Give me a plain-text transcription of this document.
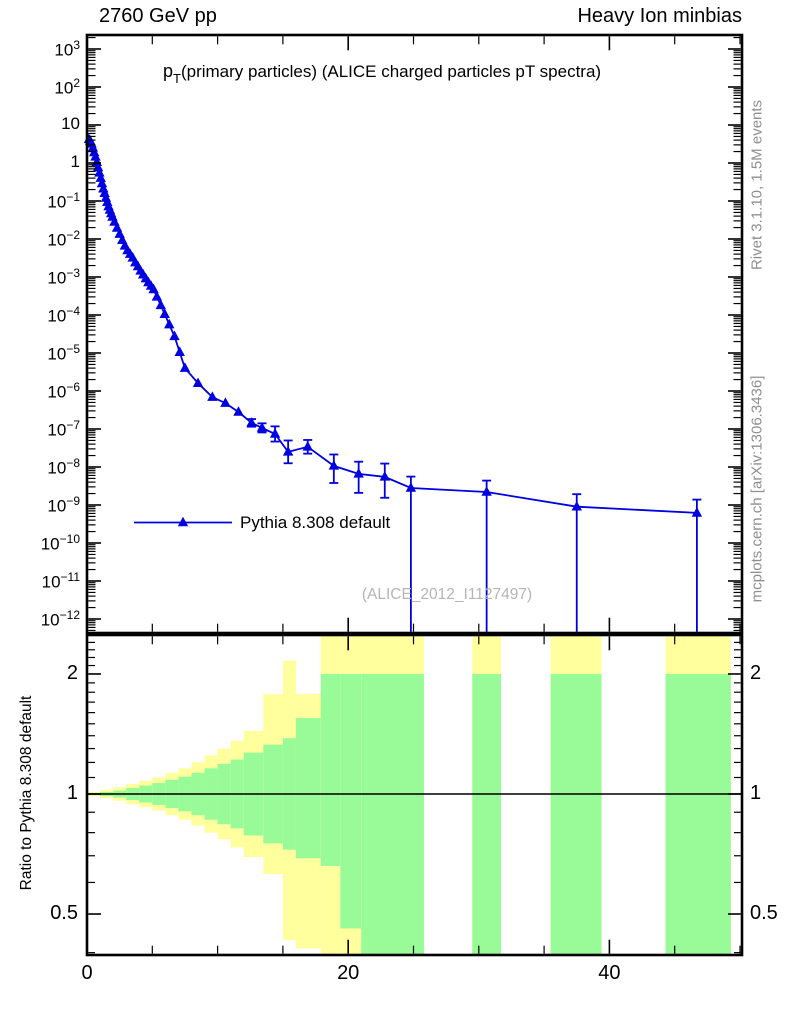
2760 GeV pp	Heavy Ion minbias
$p_T(primary$ particles) (ALICE charged particles pT spectra)
Pythia 8.308 default
(ALICE_2012_I1127497)
Rivet 3.1.10, 1.5M events
mcplots.cern.ch [arXiv:1306.3436]
Ratio to Pythia 8.308 default
$10^3$
$10^2$
10
1
$10^{-1}$
$10^{-2}$
$10^{-3}$
$10^{-4}$
$10^{-5}$
$10^{-6}$
$10^{-7}$
$10^{-8}$
$10^{-9}$
$10^{-10}$
$10^{-11}$
$10^{-12}$
2	2
1	1
0.5	0.5
0	20	40
